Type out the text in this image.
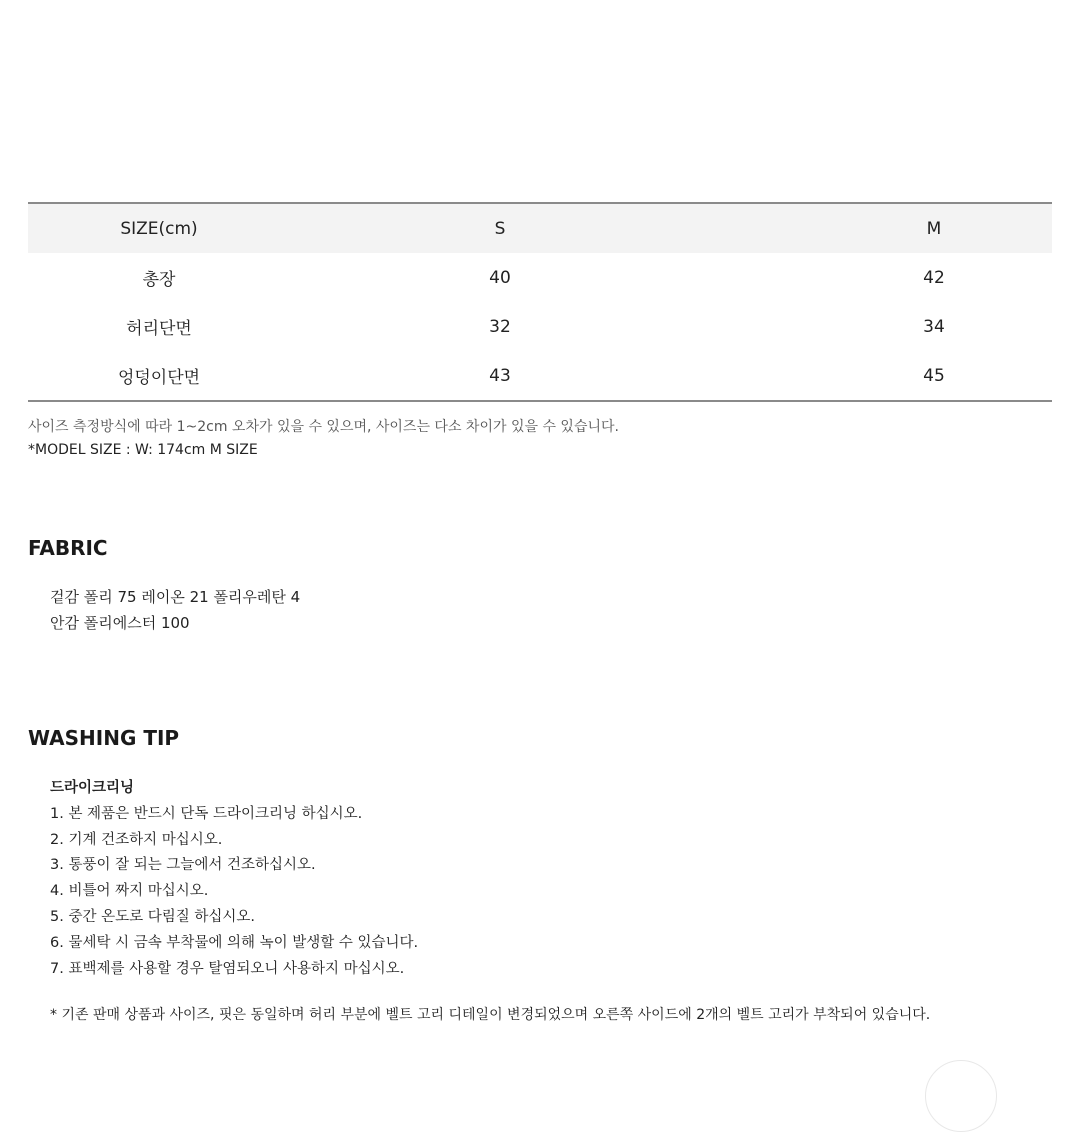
SIZE(cm)	S	M
총장	40	42
허리단면	32	34
엉덩이단면	43	45
사이즈 측정방식에 따라 1~2cm 오차가 있을 수 있으며, 사이즈는 다소 차이가 있을 수 있습니다.
*MODEL SIZE : W: 174cm M SIZE
FABRIC
겉감 폴리 75 레이온 21 폴리우레탄 4
안감 폴리에스터 100
WASHING TIP
드라이크리닝
1. 본 제품은 반드시 단독 드라이크리닝 하십시오.
2. 기계 건조하지 마십시오.
3. 통풍이 잘 되는 그늘에서 건조하십시오.
4. 비틀어 짜지 마십시오.
5. 중간 온도로 다림질 하십시오.
6. 물세탁 시 금속 부착물에 의해 녹이 발생할 수 있습니다.
7. 표백제를 사용할 경우 탈염되오니 사용하지 마십시오.
* 기존 판매 상품과 사이즈, 핏은 동일하며 허리 부분에 벨트 고리 디테일이 변경되었으며 오른쪽 사이드에 2개의 벨트 고리가 부착되어 있습니다.
